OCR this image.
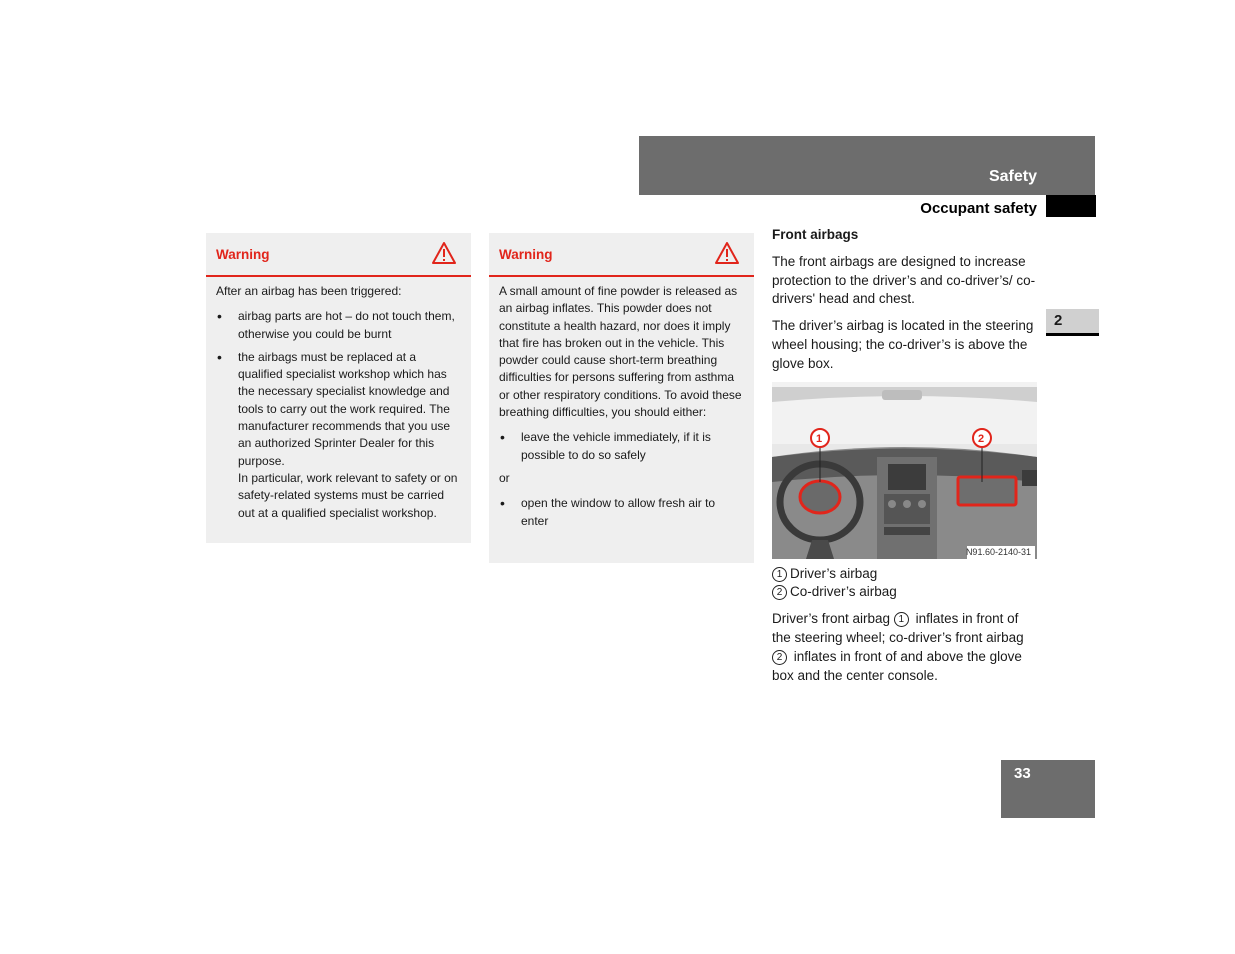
Safety
Occupant safety
2
33
Warning

After an airbag has been triggered:

• airbag parts are hot – do not touch them, otherwise you could be burnt
• the airbags must be replaced at a qualified specialist workshop which has the necessary specialist knowledge and tools to carry out the work required. The manufacturer recommends that you use an authorized Sprinter Dealer for this purpose.
In particular, work relevant to safety or on safety-related systems must be carried out at a qualified specialist workshop.
Warning

A small amount of fine powder is released as an airbag inflates. This powder does not constitute a health hazard, nor does it imply that fire has broken out in the vehicle. This powder could cause short-term breathing difficulties for persons suffering from asthma or other respiratory conditions. To avoid these breathing difficulties, you should either:

• leave the vehicle immediately, if it is possible to do so safely

or

• open the window to allow fresh air to enter
Front airbags

The front airbags are designed to increase protection to the driver’s and co-driver’s/ co-drivers' head and chest.

The driver’s airbag is located in the steering wheel housing; the co-driver’s is above the glove box.

1	2
N91.60-2140-31
1 Driver’s airbag
2 Co-driver’s airbag

Driver’s front airbag 1 inflates in front of the steering wheel; co-driver’s front airbag 2 inflates in front of and above the glove box and the center console.
